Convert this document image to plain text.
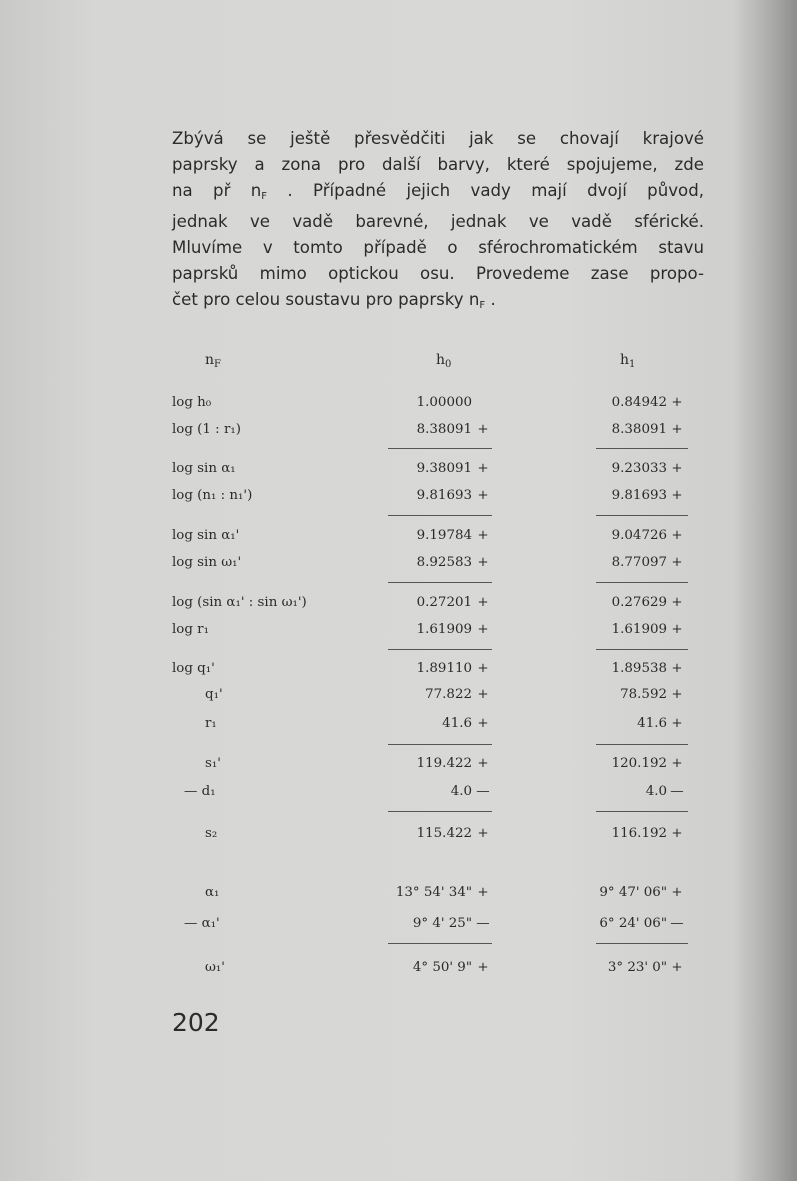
Zbývá se ještě přesvědčiti jak se chovají krajové
paprsky a zona pro další barvy, které spojujeme, zde
na př $n_F$ . Případné jejich vady mají dvojí původ,
jednak ve vadě barevné, jednak ve vadě sférické.
Mluvíme v tomto případě o sférochromatickém stavu
paprsků mimo optickou osu. Provedeme zase propo-
čet pro celou soustavu pro paprsky $n_F$ .
$n_F$	$h_0$	$h_1$
log h₀	1.00000	0.84942 +
log (1 : r₁)	8.38091 +	8.38091 +
log sin α₁	9.38091 +	9.23033 +
log (n₁ : n₁')	9.81693 +	9.81693 +
log sin α₁'	9.19784 +	9.04726 +
log sin ω₁'	8.92583 +	8.77097 +
log (sin α₁' : sin ω₁')	0.27201 +	0.27629 +
log r₁	1.61909 +	1.61909 +
log q₁'	1.89110 +	1.89538 +
q₁'	77.822 +	78.592 +
r₁	41.6 +	41.6 +
s₁'	119.422 +	120.192 +
— d₁	4.0 —	4.0 —
s₂	115.422 +	116.192 +
α₁	13° 54' 34" +	9° 47' 06" +
— α₁'	9° 4' 25" —	6° 24' 06" —
ω₁'	4° 50' 9" +	3° 23' 0" +
202
